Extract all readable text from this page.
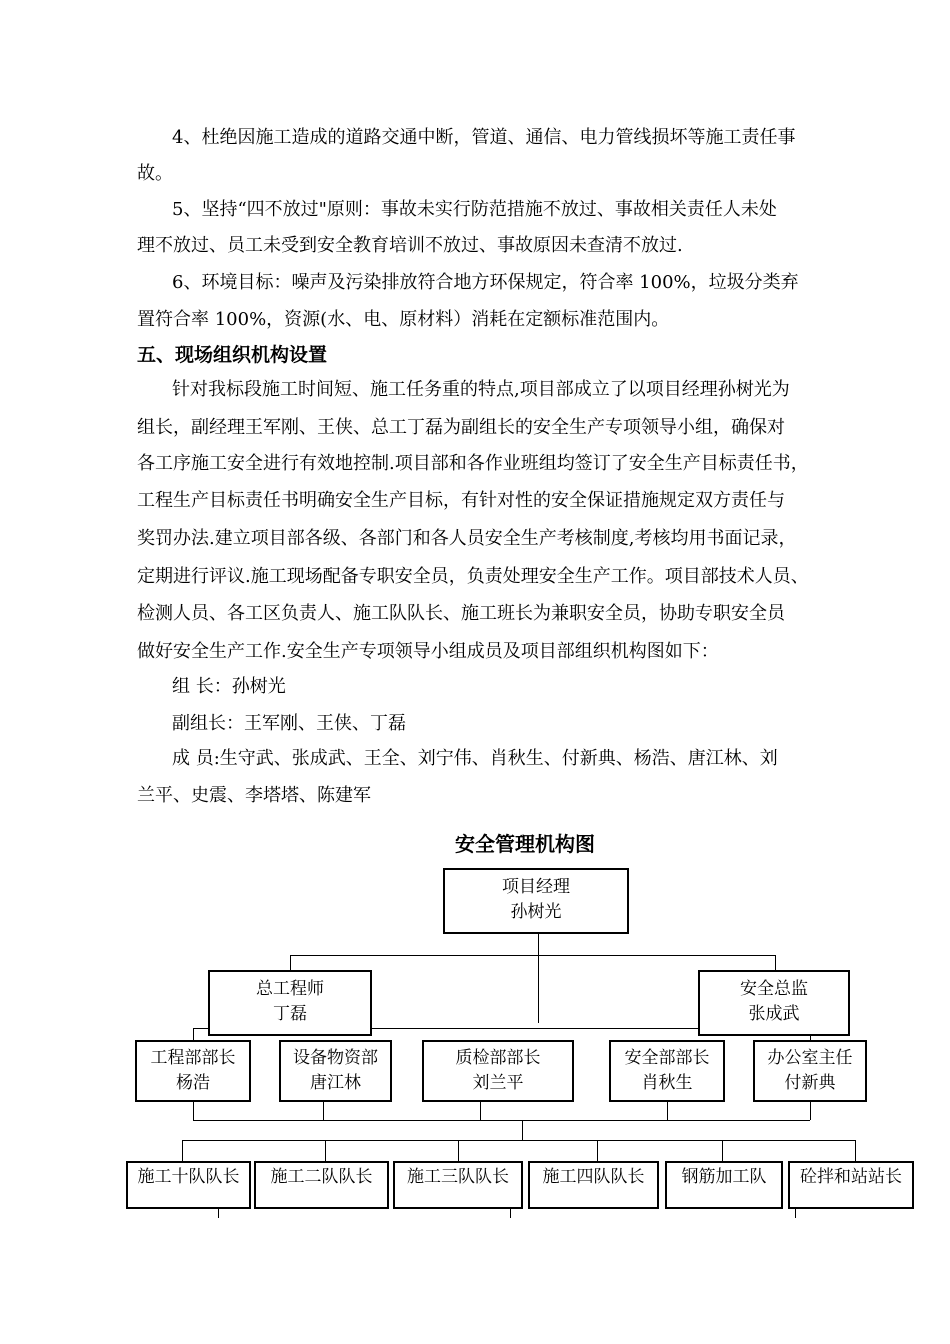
4、杜绝因施工造成的道路交通中断，管道、通信、电力管线损坏等施工责任事
故。
5、坚持“四不放过"原则：事故未实行防范措施不放过、事故相关责任人未处
理不放过、员工未受到安全教育培训不放过、事故原因未查清不放过.
6、环境目标：噪声及污染排放符合地方环保规定，符合率 100%，垃圾分类弃
置符合率 100%，资源(水、电、原材料）消耗在定额标准范围内。
五、现场组织机构设置
针对我标段施工时间短、施工任务重的特点,项目部成立了以项目经理孙树光为
组长，副经理王军刚、王侠、总工丁磊为副组长的安全生产专项领导小组，确保对
各工序施工安全进行有效地控制.项目部和各作业班组均签订了安全生产目标责任书，
工程生产目标责任书明确安全生产目标，有针对性的安全保证措施规定双方责任与
奖罚办法.建立项目部各级、各部门和各人员安全生产考核制度,考核均用书面记录，
定期进行评议.施工现场配备专职安全员，负责处理安全生产工作。项目部技术人员、
检测人员、各工区负责人、施工队队长、施工班长为兼职安全员，协助专职安全员
做好安全生产工作.安全生产专项领导小组成员及项目部组织机构图如下：
组 长：孙树光
副组长：王军刚、王侠、丁磊
成 员:生守武、张成武、王全、刘宁伟、肖秋生、付新典、杨浩、唐江林、刘
兰平、史震、李塔塔、陈建军
安全管理机构图
项目经理
孙树光
总工程师
丁磊
安全总监
张成武
工程部部长
杨浩
设备物资部
唐江林
质检部部长
刘兰平
安全部部长
肖秋生
办公室主任
付新典
施工十队队长	施工二队队长	施工三队队长	施工四队队长	钢筋加工队	砼拌和站站长
